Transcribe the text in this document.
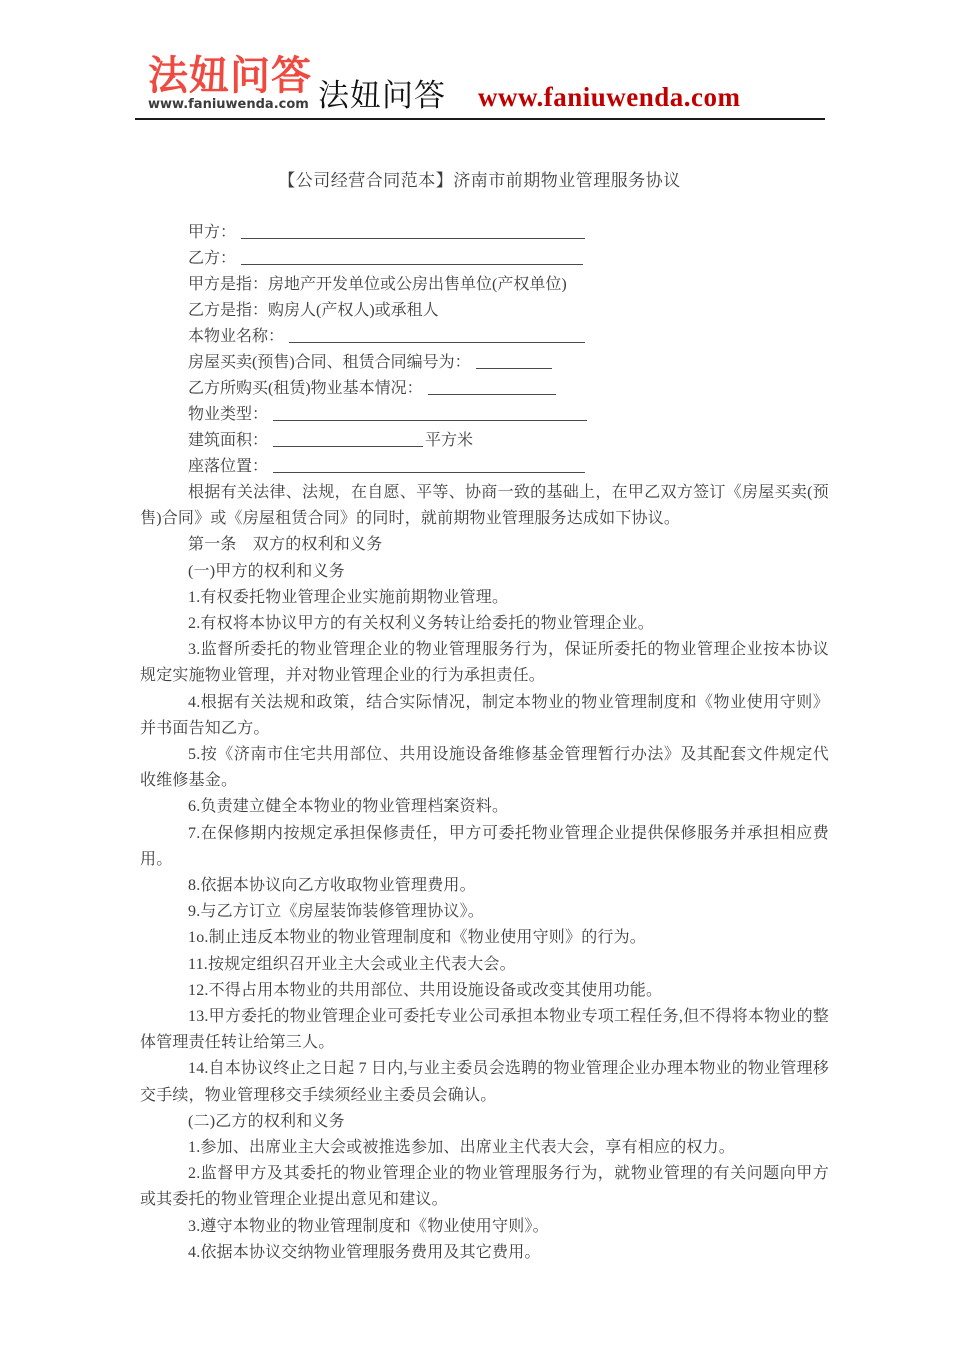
法妞问答
www.faniuwenda.com 法妞问答 www.faniuwenda.com
【公司经营合同范本】济南市前期物业管理服务协议
甲方：
乙方：
甲方是指：房地产开发单位或公房出售单位(产权单位)
乙方是指：购房人(产权人)或承租人
本物业名称：
房屋买卖(预售)合同、租赁合同编号为：
乙方所购买(租赁)物业基本情况：
物业类型：
建筑面积：	平方米
座落位置：

根据有关法律、法规，在自愿、平等、协商一致的基础上，在甲乙双方签订《房屋买卖(预售)合同》或《房屋租赁合同》的同时，就前期物业管理服务达成如下协议。

第一条　双方的权利和义务

(一)甲方的权利和义务

1.有权委托物业管理企业实施前期物业管理。

2.有权将本协议甲方的有关权利义务转让给委托的物业管理企业。

3.监督所委托的物业管理企业的物业管理服务行为，保证所委托的物业管理企业按本协议规定实施物业管理，并对物业管理企业的行为承担责任。

4.根据有关法规和政策，结合实际情况，制定本物业的物业管理制度和《物业使用守则》并书面告知乙方。

5.按《济南市住宅共用部位、共用设施设备维修基金管理暂行办法》及其配套文件规定代收维修基金。

6.负责建立健全本物业的物业管理档案资料。

7.在保修期内按规定承担保修责任，甲方可委托物业管理企业提供保修服务并承担相应费用。

8.依据本协议向乙方收取物业管理费用。

9.与乙方订立《房屋装饰装修管理协议》。

1o.制止违反本物业的物业管理制度和《物业使用守则》的行为。

11.按规定组织召开业主大会或业主代表大会。

12.不得占用本物业的共用部位、共用设施设备或改变其使用功能。

13.甲方委托的物业管理企业可委托专业公司承担本物业专项工程任务,但不得将本物业的整体管理责任转让给第三人。

14.自本协议终止之日起 7 日内,与业主委员会选聘的物业管理企业办理本物业的物业管理移交手续，物业管理移交手续须经业主委员会确认。

(二)乙方的权利和义务

1.参加、出席业主大会或被推选参加、出席业主代表大会，享有相应的权力。

2.监督甲方及其委托的物业管理企业的物业管理服务行为，就物业管理的有关问题向甲方或其委托的物业管理企业提出意见和建议。

3.遵守本物业的物业管理制度和《物业使用守则》。

4.依据本协议交纳物业管理服务费用及其它费用。
